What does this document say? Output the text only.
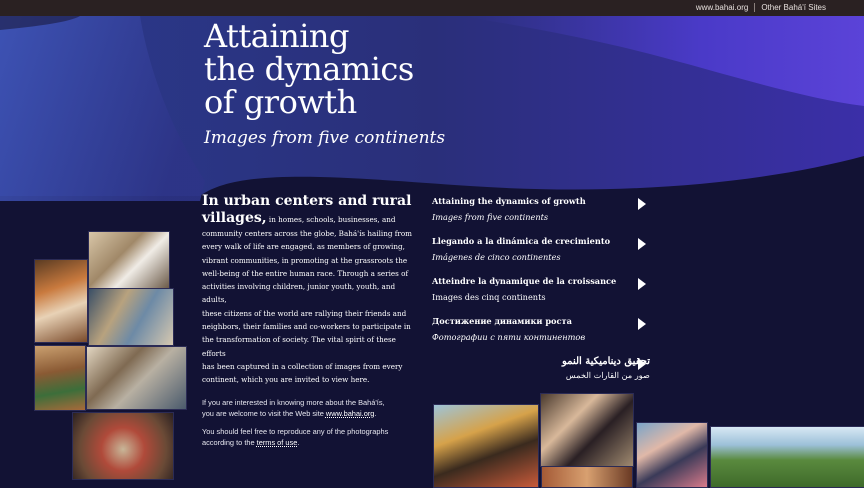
www.bahai.org Other Bahá'í Sites
Attaining
the dynamics
of growth
Images from five continents
In urban centers and rural
villages, in homes, schools, businesses, and
community centers across the globe, Bahá'ís hailing from
every walk of life are engaged, as members of growing,
vibrant communities, in promoting at the grassroots the
well-being of the entire human race. Through a series of
activities involving children, junior youth, youth, and adults,
these citizens of the world are rallying their friends and
neighbors, their families and co-workers to participate in
the transformation of society. The vital spirit of these efforts
has been captured in a collection of images from every
continent, which you are invited to view here.
If you are interested in knowing more about the Bahá'ís,
you are welcome to visit the Web site www.bahai.org.
You should feel free to reproduce any of the photographs
according to the terms of use.
Attaining the dynamics of growth
Images from five continents
Llegando a la dinámica de crecimiento
Imágenes de cinco continentes
Atteindre la dynamique de la croissance
Images des cinq continents
Достижение динамики роста
Фотографии с пяти континентов
تحقيق ديناميكية النمو
صور من القارات الخمس
